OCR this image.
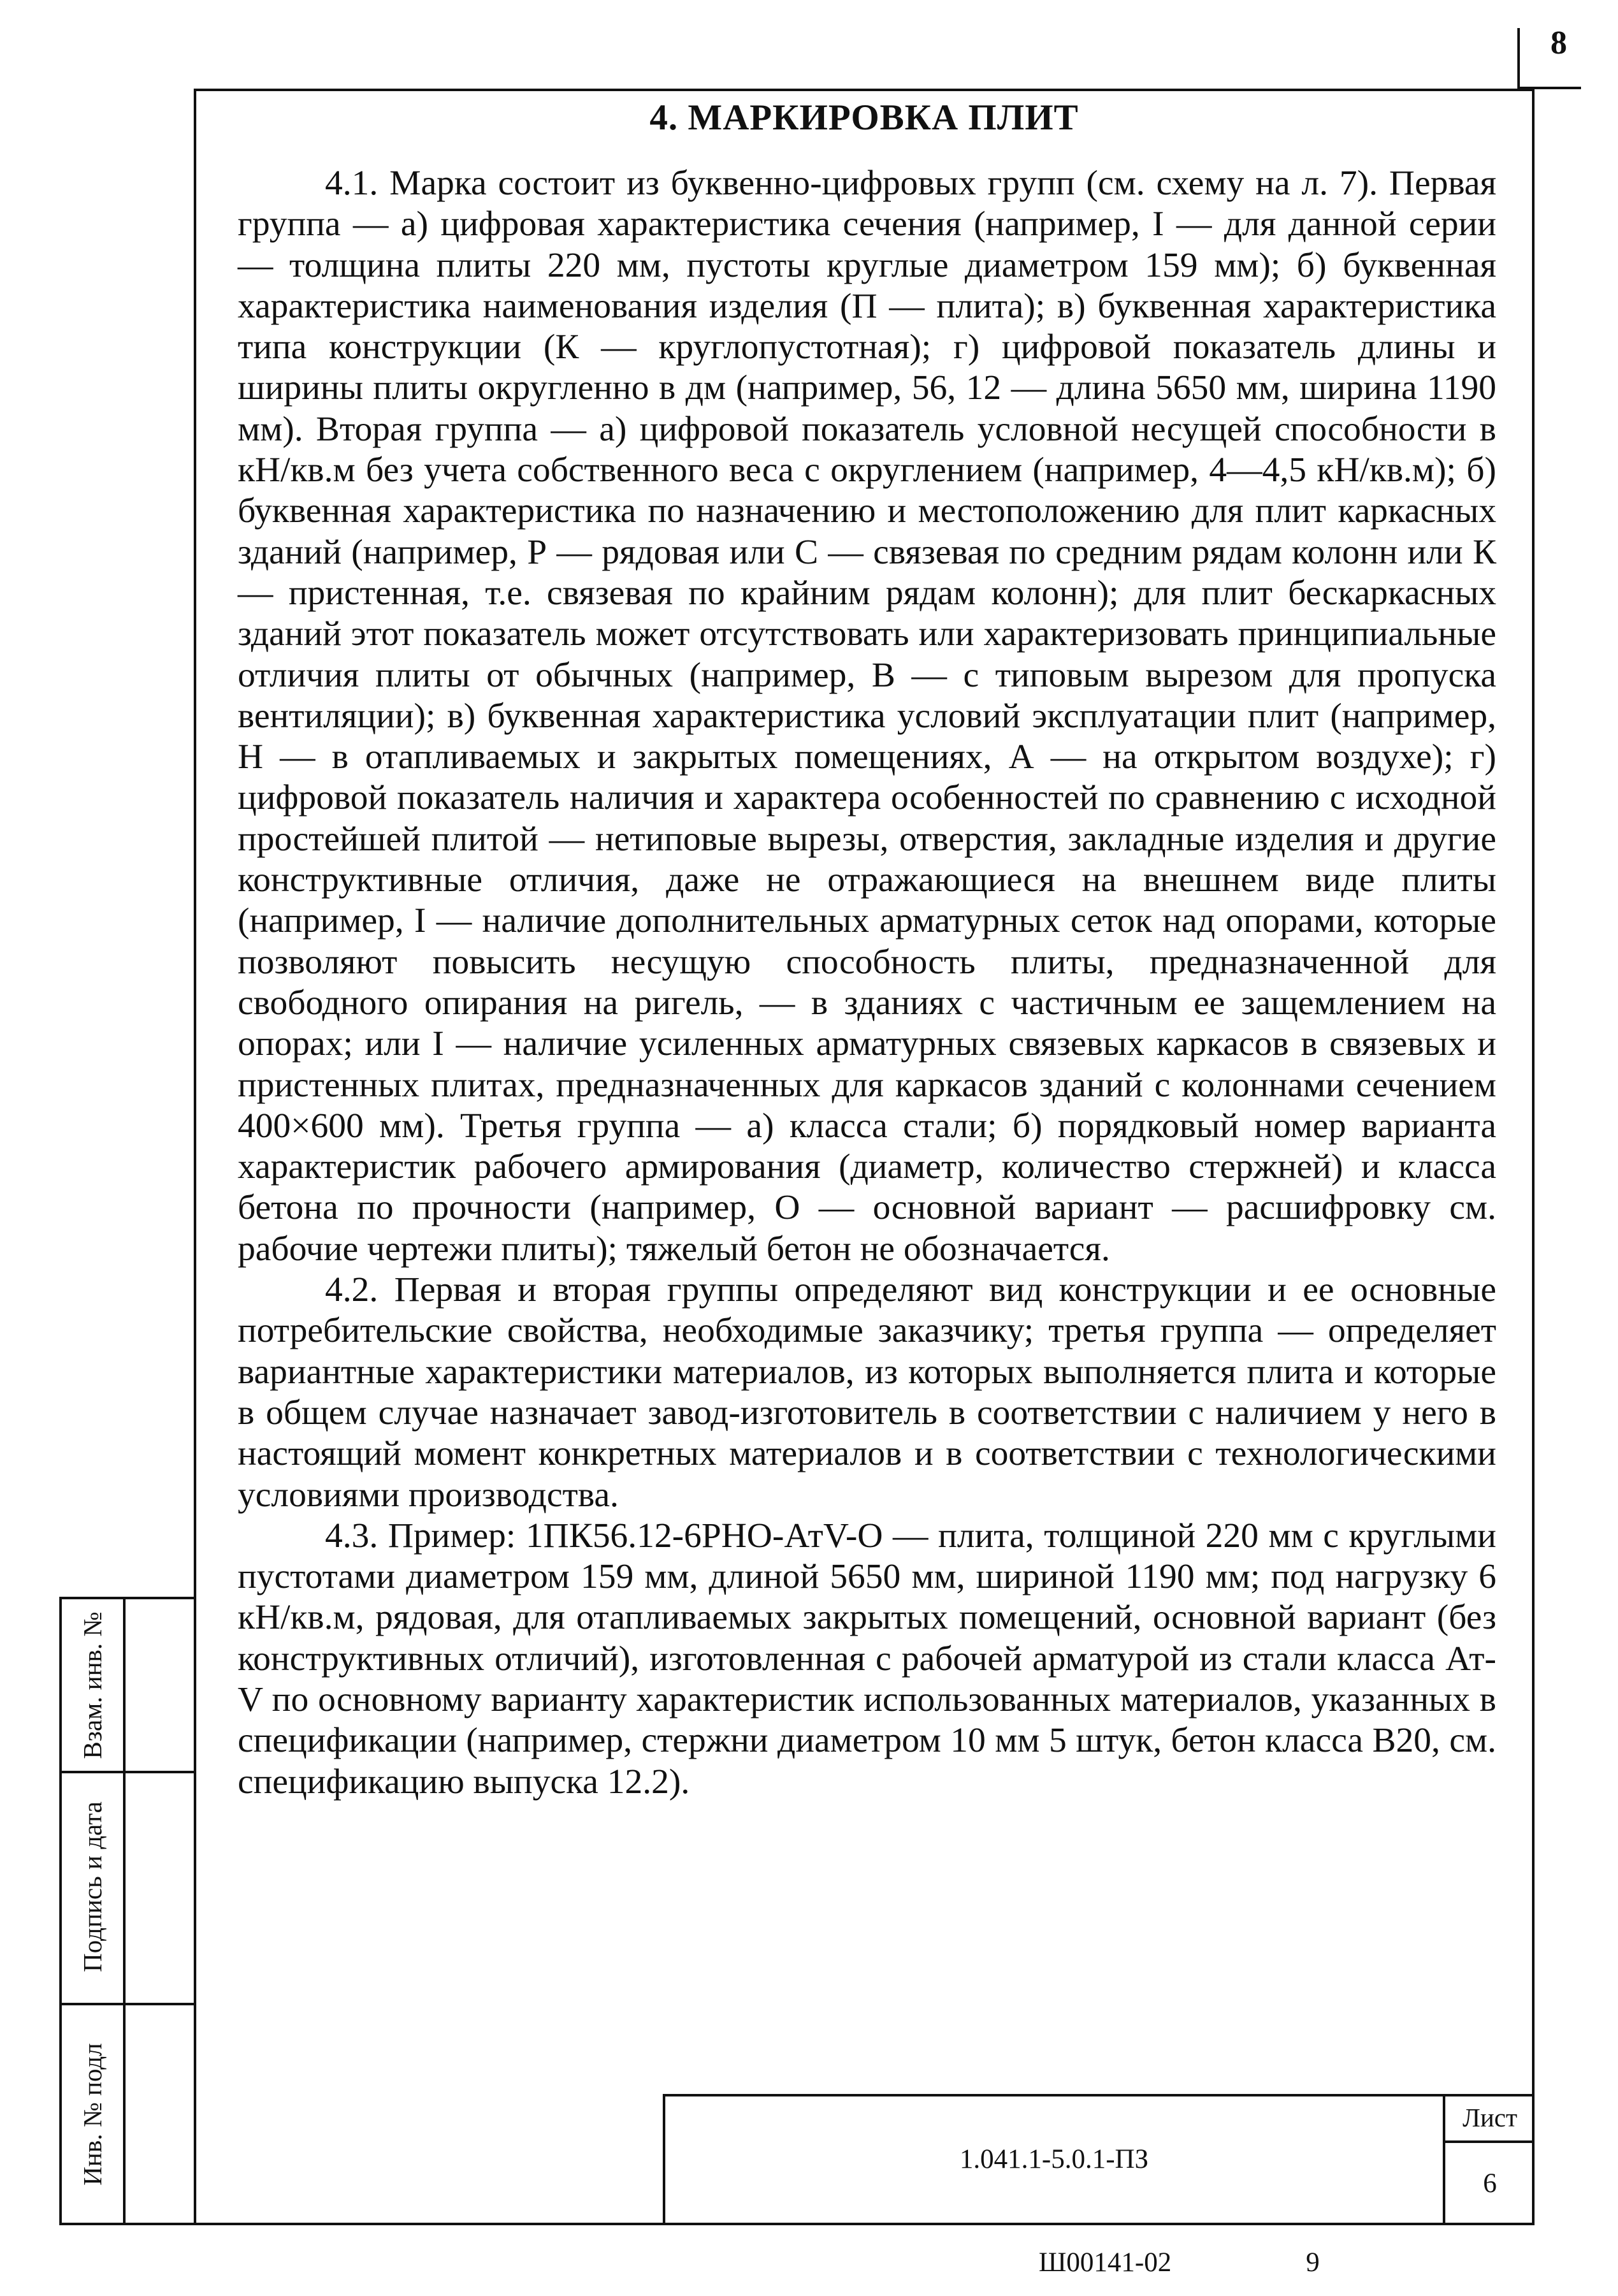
8
4. МАРКИРОВКА ПЛИТ

4.1. Марка состоит из буквенно-цифровых групп (см. схему на л. 7). Первая группа — а) цифровая характеристика сечения (например, I — для данной серии — толщина плиты 220 мм, пустоты круглые диаметром 159 мм); б) буквенная характеристика наименования изделия (П — плита); в) буквенная характеристика типа конструкции (К — круглопустотная); г) цифровой показатель длины и ширины плиты округленно в дм (например, 56, 12 — длина 5650 мм, ширина 1190 мм). Вторая группа — а) цифровой показатель условной несущей способности в кН/кв.м без учета собственного веса с округлением (например, 4—4,5 кН/кв.м); б) буквенная характеристика по назначению и местоположению для плит каркасных зданий (например, Р — рядовая или С — связевая по средним рядам колонн или К — пристенная, т.е. связевая по крайним рядам колонн); для плит бескаркасных зданий этот показатель может отсутствовать или характеризовать принципиальные отличия плиты от обычных (например, В — с типовым вырезом для пропуска вентиляции); в) буквенная характеристика условий эксплуатации плит (например, Н — в отапливаемых и закрытых помещениях, А — на открытом воздухе); г) цифровой показатель наличия и характера особенностей по сравнению с исходной простейшей плитой — нетиповые вырезы, отверстия, закладные изделия и другие конструктивные отличия, даже не отражающиеся на внешнем виде плиты (например, I — наличие дополнительных арматурных сеток над опорами, которые позволяют повысить несущую способность плиты, предназначенной для свободного опирания на ригель, — в зданиях с частичным ее защемлением на опорах; или I — наличие усиленных арматурных связевых каркасов в связевых и пристенных плитах, предназначенных для каркасов зданий с колоннами сечением 400×600 мм). Третья группа — а) класса стали; б) порядковый номер варианта характеристик рабочего армирования (диаметр, количество стержней) и класса бетона по прочности (например, О — основной вариант — расшифровку см. рабочие чертежи плиты); тяжелый бетон не обозначается.

4.2. Первая и вторая группы определяют вид конструкции и ее основные потребительские свойства, необходимые заказчику; третья группа — определяет вариантные характеристики материалов, из которых выполняется плита и которые в общем случае назначает завод-изготовитель в соответствии с наличием у него в настоящий момент конкретных материалов и в соответствии с технологическими условиями производства.

4.3. Пример: 1ПК56.12-6РНО-АтV-О — плита, толщиной 220 мм с круглыми пустотами диаметром 159 мм, длиной 5650 мм, шириной 1190 мм; под нагрузку 6 кН/кв.м, рядовая, для отапливаемых закрытых помещений, основной вариант (без конструктивных отличий), изготовленная с рабочей арматурой из стали класса Ат-V по основному варианту характеристик использованных материалов, указанных в спецификации (например, стержни диаметром 10 мм 5 штук, бетон класса В20, см. спецификацию выпуска 12.2).

Взам. инв. №
Подпись и дата
Инв. № подл	1.041.1-5.0.1-ПЗ
Лист
6
Ш00141-02	9
